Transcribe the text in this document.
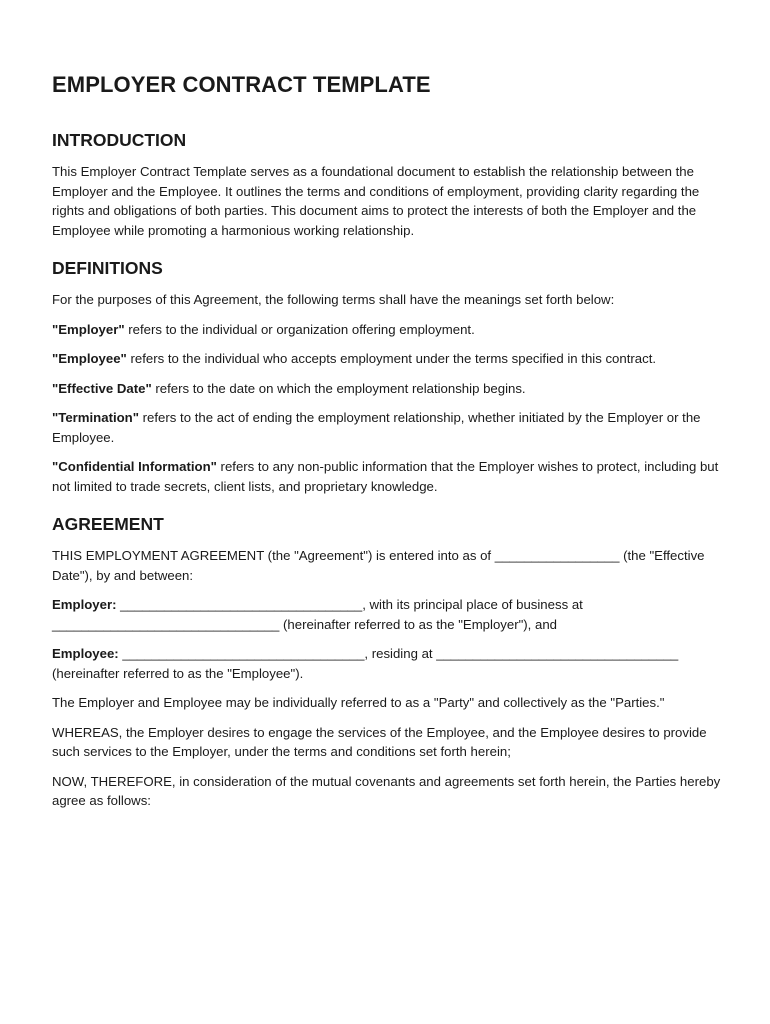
EMPLOYER CONTRACT TEMPLATE
INTRODUCTION

This Employer Contract Template serves as a foundational document to establish the relationship between the Employer and the Employee. It outlines the terms and conditions of employment, providing clarity regarding the rights and obligations of both parties. This document aims to protect the interests of both the Employer and the Employee while promoting a harmonious working relationship.

DEFINITIONS

For the purposes of this Agreement, the following terms shall have the meanings set forth below:

"Employer" refers to the individual or organization offering employment.

"Employee" refers to the individual who accepts employment under the terms specified in this contract.

"Effective Date" refers to the date on which the employment relationship begins.

"Termination" refers to the act of ending the employment relationship, whether initiated by the Employer or the Employee.

"Confidential Information" refers to any non-public information that the Employer wishes to protect, including but not limited to trade secrets, client lists, and proprietary knowledge.

AGREEMENT

THIS EMPLOYMENT AGREEMENT (the "Agreement") is entered into as of _________________ (the "Effective Date"), by and between:

Employer: _________________________________, with its principal place of business at _______________________________ (hereinafter referred to as the "Employer"), and

Employee: _________________________________, residing at _________________________________ (hereinafter referred to as the "Employee").

The Employer and Employee may be individually referred to as a "Party" and collectively as the "Parties."

WHEREAS, the Employer desires to engage the services of the Employee, and the Employee desires to provide such services to the Employer, under the terms and conditions set forth herein;

NOW, THEREFORE, in consideration of the mutual covenants and agreements set forth herein, the Parties hereby agree as follows:
